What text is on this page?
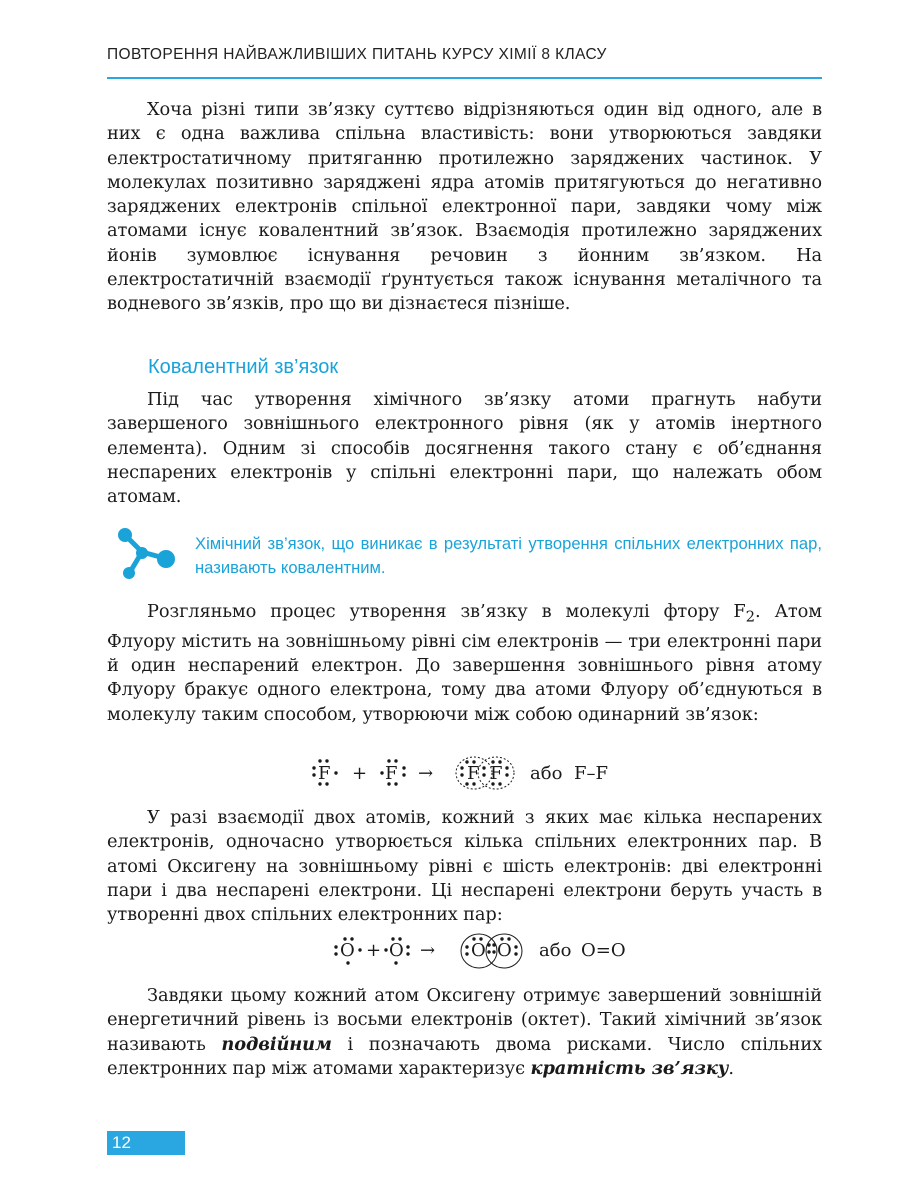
ПОВТОРЕННЯ НАЙВАЖЛИВІШИХ ПИТАНЬ КУРСУ ХІМІЇ 8 КЛАСУ

Хоча різні типи зв’язку суттєво відрізняються один від одного, але в них є одна важлива спільна властивість: вони утворюються завдяки електростатичному притяганню протилежно заряджених частинок. У молекулах позитивно заряджені ядра атомів притягуються до негативно заряджених електронів спільної електронної пари, завдяки чому між атомами існує ковалентний зв’язок. Взаємодія протилежно заряджених йонів зумовлює існування речовин з йонним зв’язком. На електростатичній взаємодії ґрунтується також існування металічного та водневого зв’язків, про що ви дізнаєтеся пізніше.

Ковалентний зв’язок

Під час утворення хімічного зв’язку атоми прагнуть набути завершеного зовнішнього електронного рівня (як у атомів інертного елемента). Одним зі способів досягнення такого стану є об’єднання неспарених електронів у спільні електронні пари, що належать обом атомам.

Хімічний зв’язок, що виникає в результаті утворення спільних електронних пар, називають ковалентним.

Розгляньмо процес утворення зв’язку в молекулі фтору $F_2$. Атом Флуору містить на зовнішньому рівні сім електронів — три електронні пари й один неспарений електрон. До завершення зовнішнього рівня атому Флуору бракує одного електрона, тому два атоми Флуору об’єднуються в молекулу таким способом, утворюючи між собою одинарний зв’язок:

F + F → F F або F–F

У разі взаємодії двох атомів, кожний з яких має кілька неспарених електронів, одночасно утворюється кілька спільних електронних пар. В атомі Оксигену на зовнішньому рівні є шість електронів: дві електронні пари і два неспарені електрони. Ці неспарені електрони беруть участь в утворенні двох спільних електронних пар:

O + O → O O або O=O

Завдяки цьому кожний атом Оксигену отримує завершений зовнішній енергетичний рівень із восьми електронів (октет). Такий хімічний зв’язок називають подвійним і позначають двома рисками. Число спільних електронних пар між атомами характеризує кратність зв’язку.

12
